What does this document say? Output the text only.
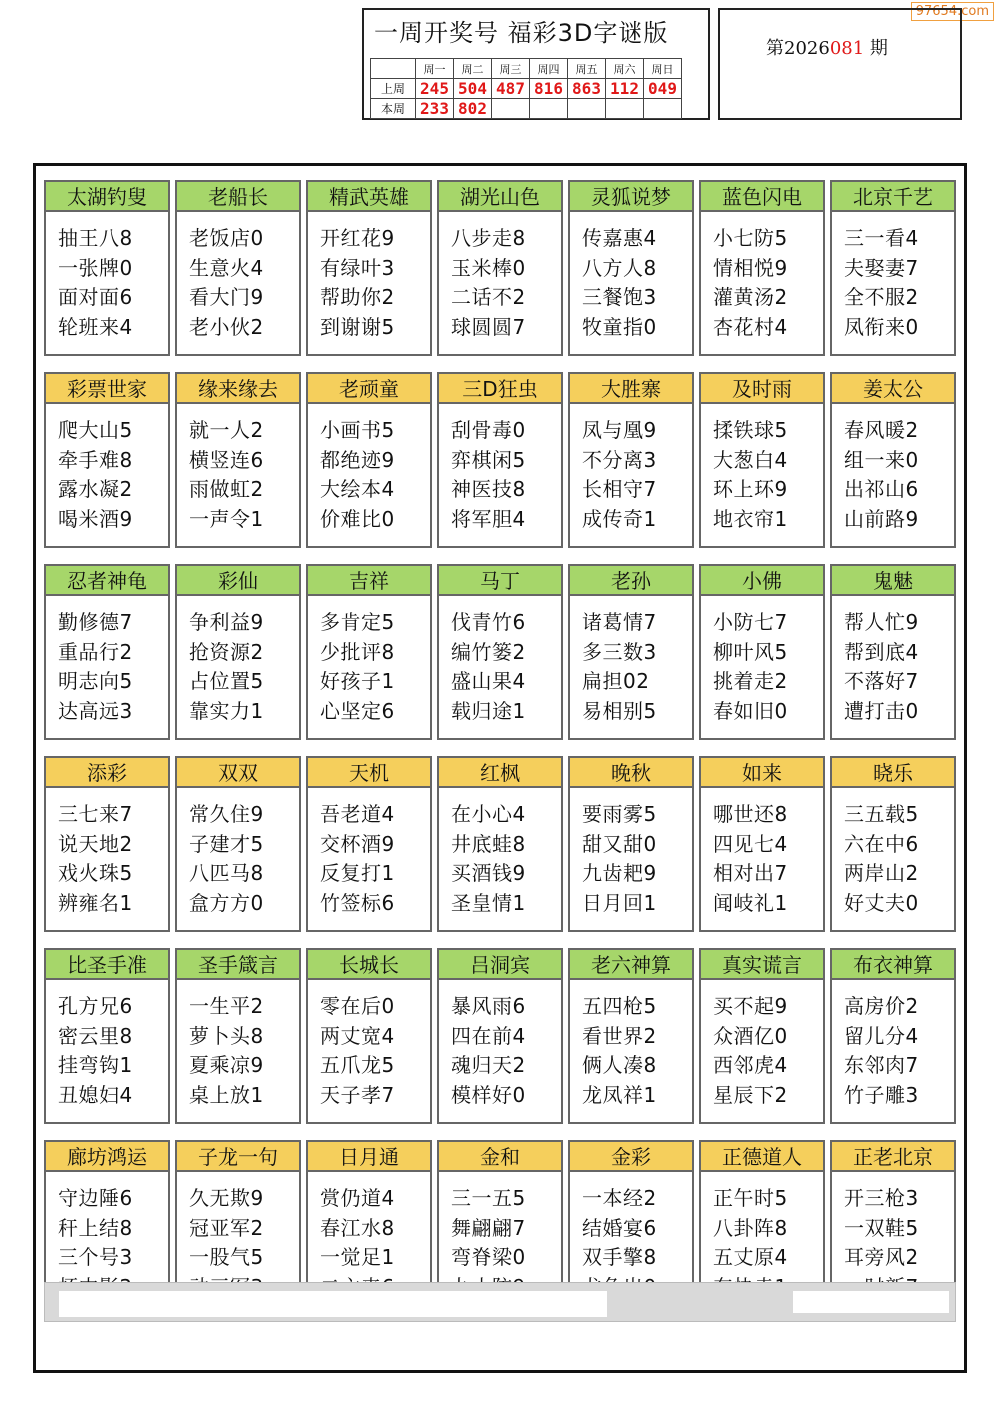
97654.com
一周开奖号 福彩3D字谜版
	周一	周二	周三	周四	周五	周六	周日
上周	245	504	487	816	863	112	049
本周	233	802					
第2026081 期
太湖钓叟
抽王八8
一张牌0
面对面6
轮班来4
老船长
老饭店0
生意火4
看大门9
老小伙2
精武英雄
开红花9
有绿叶3
帮助你2
到谢谢5
湖光山色
八步走8
玉米棒0
二话不2
球圆圆7
灵狐说梦
传嘉惠4
八方人8
三餐饱3
牧童指0
蓝色闪电
小七防5
情相悦9
灌黄汤2
杏花村4
北京千艺
三一看4
夫娶妻7
全不服2
凤衔来0
彩票世家
爬大山5
牵手难8
露水凝2
喝米酒9
缘来缘去
就一人2
横竖连6
雨做虹2
一声令1
老顽童
小画书5
都绝迹9
大绘本4
价难比0
三D狂虫
刮骨毒0
弈棋闲5
神医技8
将军胆4
大胜寨
凤与凰9
不分离3
长相守7
成传奇1
及时雨
揉铁球5
大葱白4
环上环9
地衣帘1
姜太公
春风暖2
组一来0
出祁山6
山前路9
忍者神龟
勤修德7
重品行2
明志向5
达高远3
彩仙
争利益9
抢资源2
占位置5
靠实力1
吉祥
多肯定5
少批评8
好孩子1
心坚定6
马丁
伐青竹6
编竹篓2
盛山果4
载归途1
老孙
诸葛情7
多三数3
扁担02
易相别5
小佛
小防七7
柳叶风5
挑着走2
春如旧0
鬼魅
帮人忙9
帮到底4
不落好7
遭打击0
添彩
三七来7
说天地2
戏火珠5
辨雍名1
双双
常久住9
子建才5
八匹马8
盒方方0
天机
吾老道4
交杯酒9
反复打1
竹签标6
红枫
在小心4
井底蛙8
买酒钱9
圣皇情1
晚秋
要雨雾5
甜又甜0
九齿耙9
日月回1
如来
哪世还8
四见七4
相对出7
闻岐礼1
晓乐
三五载5
六在中6
两岸山2
好丈夫0
比圣手准
孔方兄6
密云里8
挂弯钩1
丑媳妇4
圣手箴言
一生平2
萝卜头8
夏乘凉9
桌上放1
长城长
零在后0
两丈宽4
五爪龙5
天子孝7
吕洞宾
暴风雨6
四在前4
魂归天2
模样好0
老六神算
五四枪5
看世界2
俩人凑8
龙凤祥1
真实谎言
买不起9
众酒亿0
西邻虎4
星辰下2
布衣神算
高房价2
留儿分4
东邻肉7
竹子雕3
廊坊鸿运
守边陲6
秆上结8
三个号3
子龙一句
久无欺9
冠亚军2
一股气5
日月通
赏仍道4
春江水8
一觉足1
金和
三一五5
舞翩翩7
弯脊梁0
金彩
一本经2
结婚宴6
双手擎8
正德道人
正午时5
八卦阵8
五丈原4
正老北京
开三枪3
一双鞋5
耳旁风2
